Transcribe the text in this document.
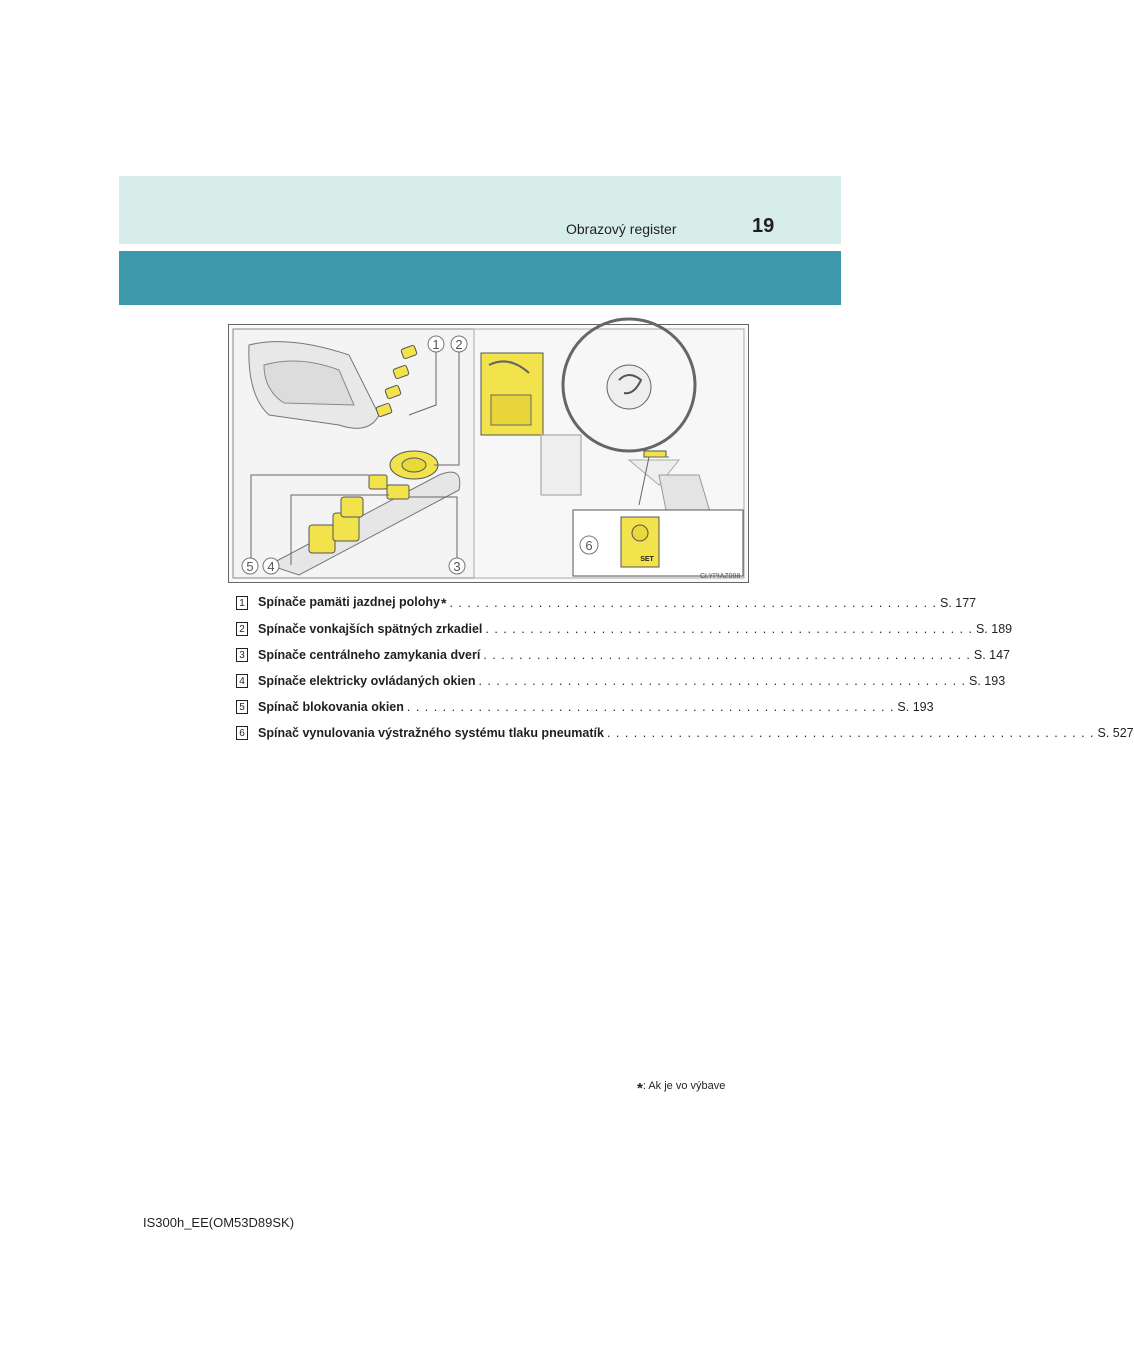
Obrazový register	19
1 2
3
4
5	SET
6
CLYPIAZ098
1 Spínače pamäti jazdnej polohy* . . . . . . . . . . . . . . . . . . . . . . . . . . . . . . . . . . . . . . . . . . . . . . . . . . . . . . . S. 177
2 Spínače vonkajších spätných zrkadiel . . . . . . . . . . . . . . . . . . . . . . . . . . . . . . . . . . . . . . . . . . . . . . . . . . . . . . . S. 189
3 Spínače centrálneho zamykania dverí . . . . . . . . . . . . . . . . . . . . . . . . . . . . . . . . . . . . . . . . . . . . . . . . . . . . . . . S. 147
4 Spínače elektricky ovládaných okien . . . . . . . . . . . . . . . . . . . . . . . . . . . . . . . . . . . . . . . . . . . . . . . . . . . . . . . S. 193
5 Spínač blokovania okien . . . . . . . . . . . . . . . . . . . . . . . . . . . . . . . . . . . . . . . . . . . . . . . . . . . . . . . S. 193
6 Spínač vynulovania výstražného systému tlaku pneumatík . . . . . . . . . . . . . . . . . . . . . . . . . . . . . . . . . . . . . . . . . . . . . . . . . . . . . . . S. 527
*: Ak je vo výbave
IS300h_EE(OM53D89SK)
